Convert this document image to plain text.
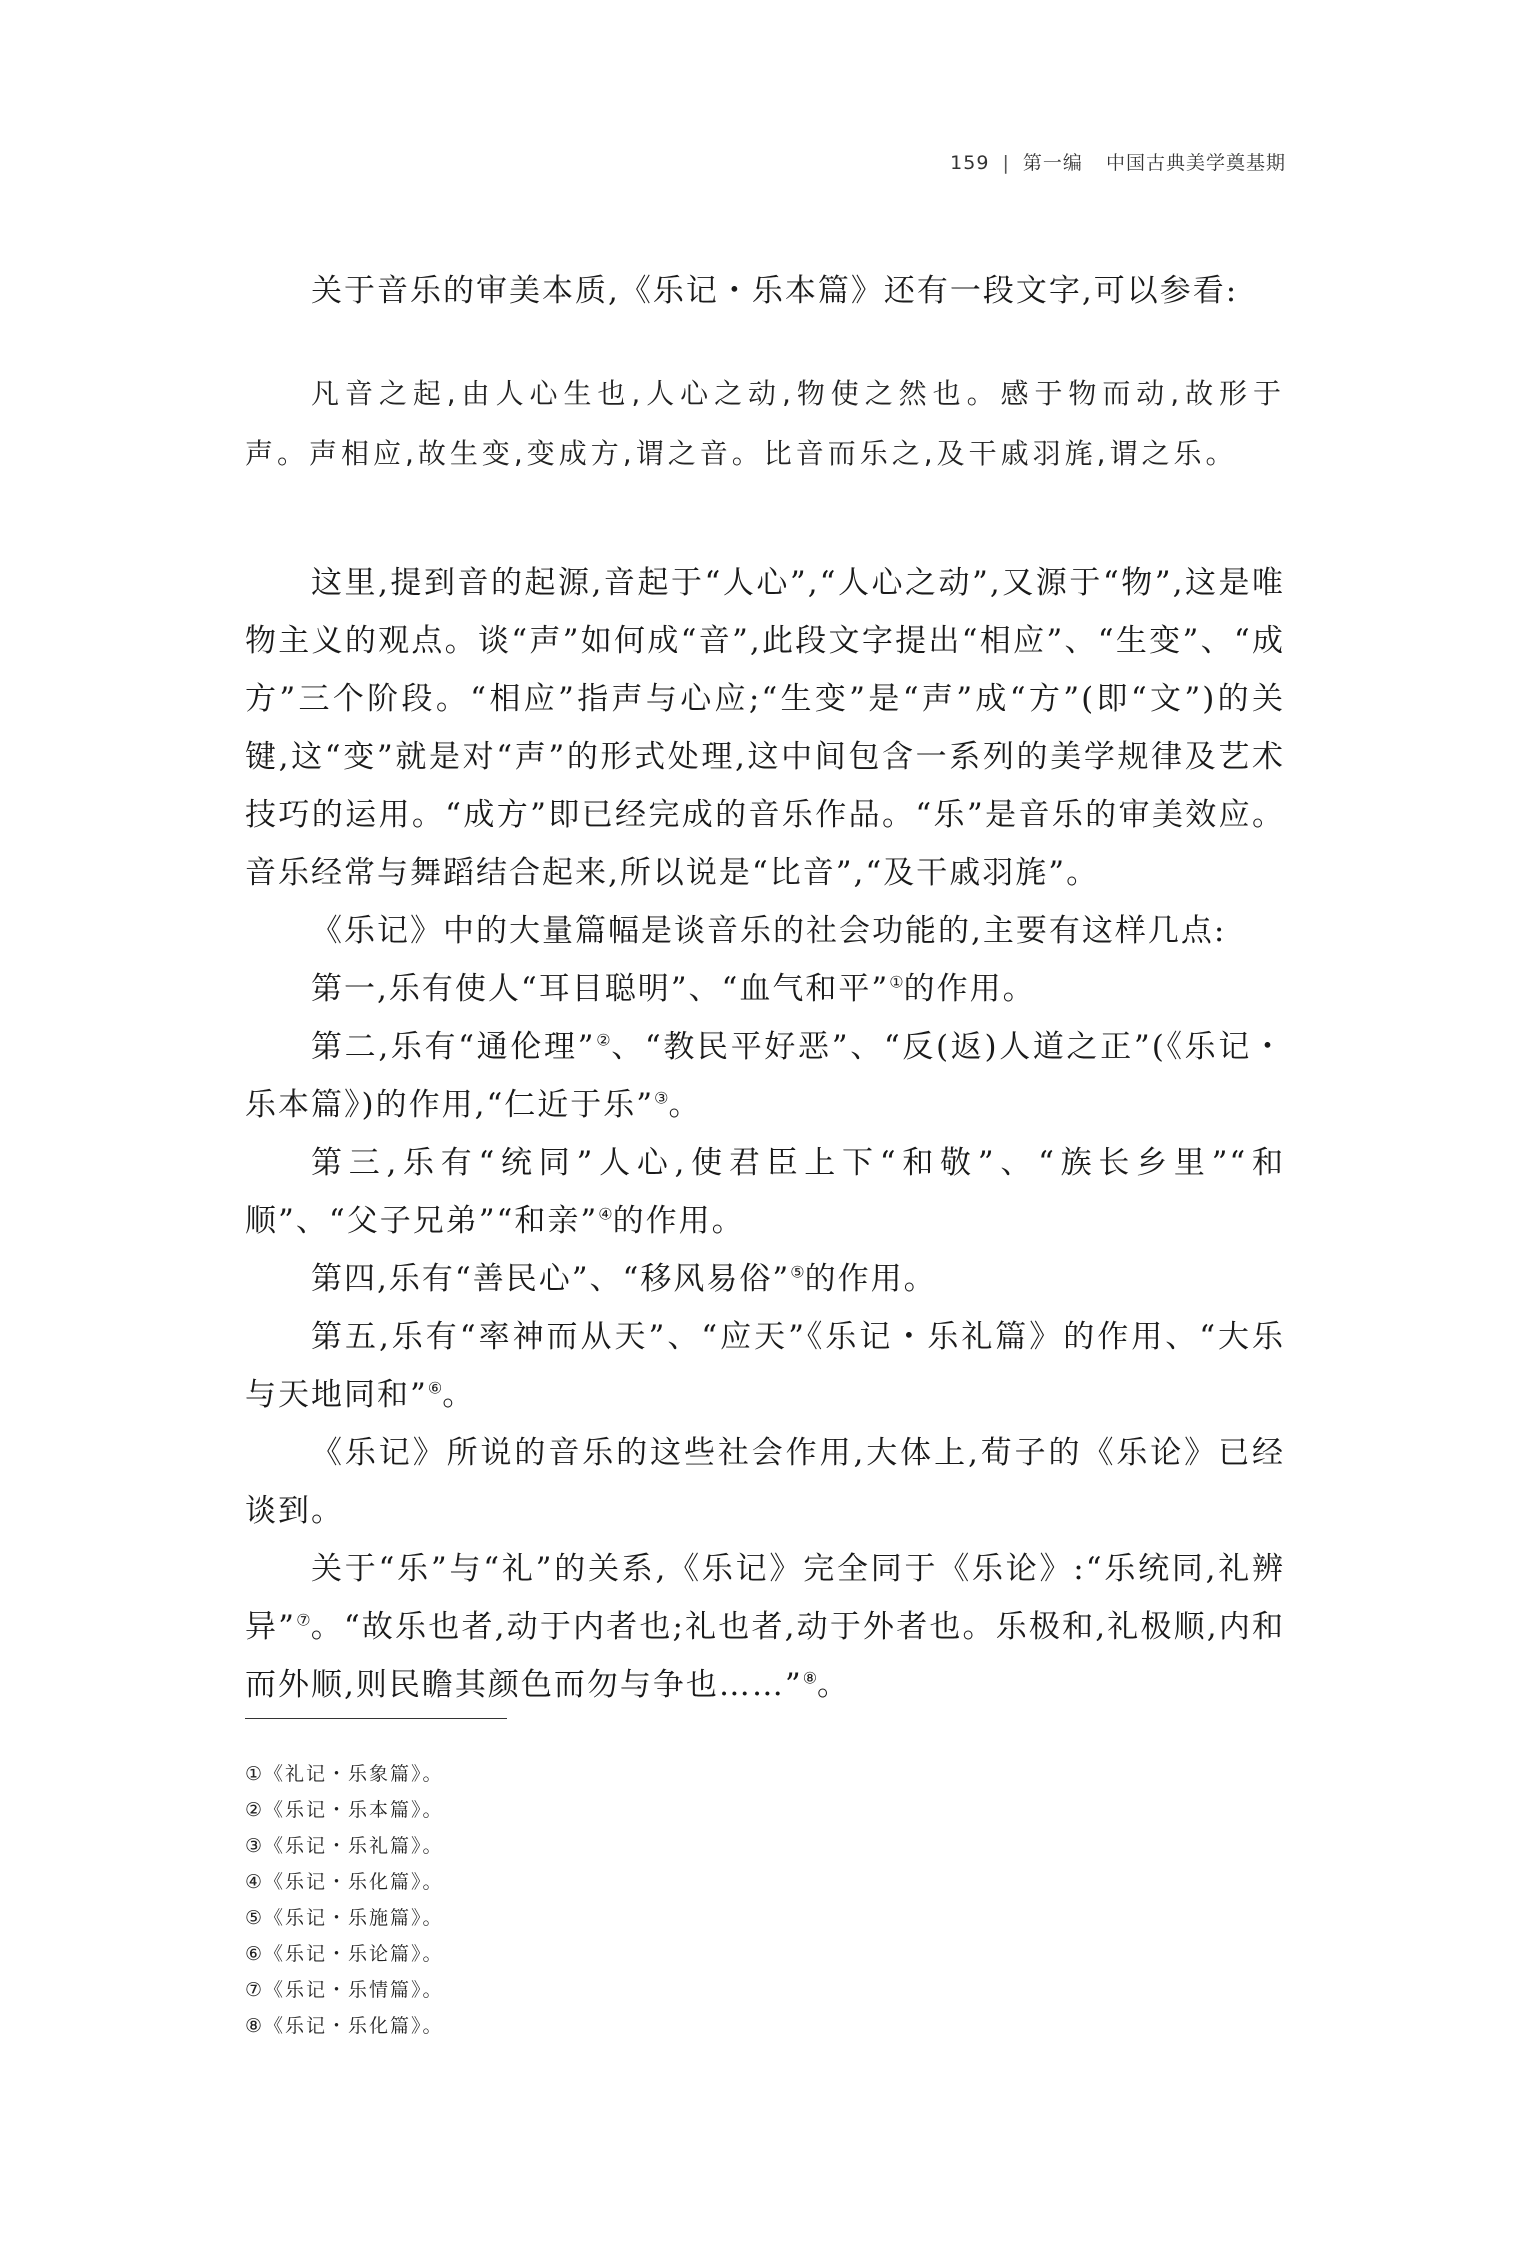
159 | 第一编 中国古典美学奠基期

关于音乐的审美本质,《乐记・乐本篇》还有一段文字,可以参看:

凡音之起,由人心生也,人心之动,物使之然也。感于物而动,故形于声。声相应,故生变,变成方,谓之音。比音而乐之,及干戚羽旄,谓之乐。

这里,提到音的起源,音起于“人心”,“人心之动”,又源于“物”,这是唯物主义的观点。谈“声”如何成“音”,此段文字提出“相应”、“生变”、“成方”三个阶段。“相应”指声与心应;“生变”是“声”成“方”(即“文”)的关键,这“变”就是对“声”的形式处理,这中间包含一系列的美学规律及艺术技巧的运用。“成方”即已经完成的音乐作品。“乐”是音乐的审美效应。音乐经常与舞蹈结合起来,所以说是“比音”,“及干戚羽旄”。

《乐记》中的大量篇幅是谈音乐的社会功能的,主要有这样几点:

第一,乐有使人“耳目聪明”、“血气和平”①的作用。

第二,乐有“通伦理”②、“教民平好恶”、“反(返)人道之正”(《乐记・乐本篇》)的作用,“仁近于乐”③。

第三,乐有“统同”人心,使君臣上下“和敬”、“族长乡里”“和顺”、“父子兄弟”“和亲”④的作用。

第四,乐有“善民心”、“移风易俗”⑤的作用。

第五,乐有“率神而从天”、“应天”《乐记・乐礼篇》的作用、“大乐与天地同和”⑥。

《乐记》所说的音乐的这些社会作用,大体上,荀子的《乐论》已经谈到。

关于“乐”与“礼”的关系,《乐记》完全同于《乐论》:“乐统同,礼辨异”⑦。“故乐也者,动于内者也;礼也者,动于外者也。乐极和,礼极顺,内和而外顺,则民瞻其颜色而勿与争也……”⑧。

①《礼记・乐象篇》。
②《乐记・乐本篇》。
③《乐记・乐礼篇》。
④《乐记・乐化篇》。
⑤《乐记・乐施篇》。
⑥《乐记・乐论篇》。
⑦《乐记・乐情篇》。
⑧《乐记・乐化篇》。
